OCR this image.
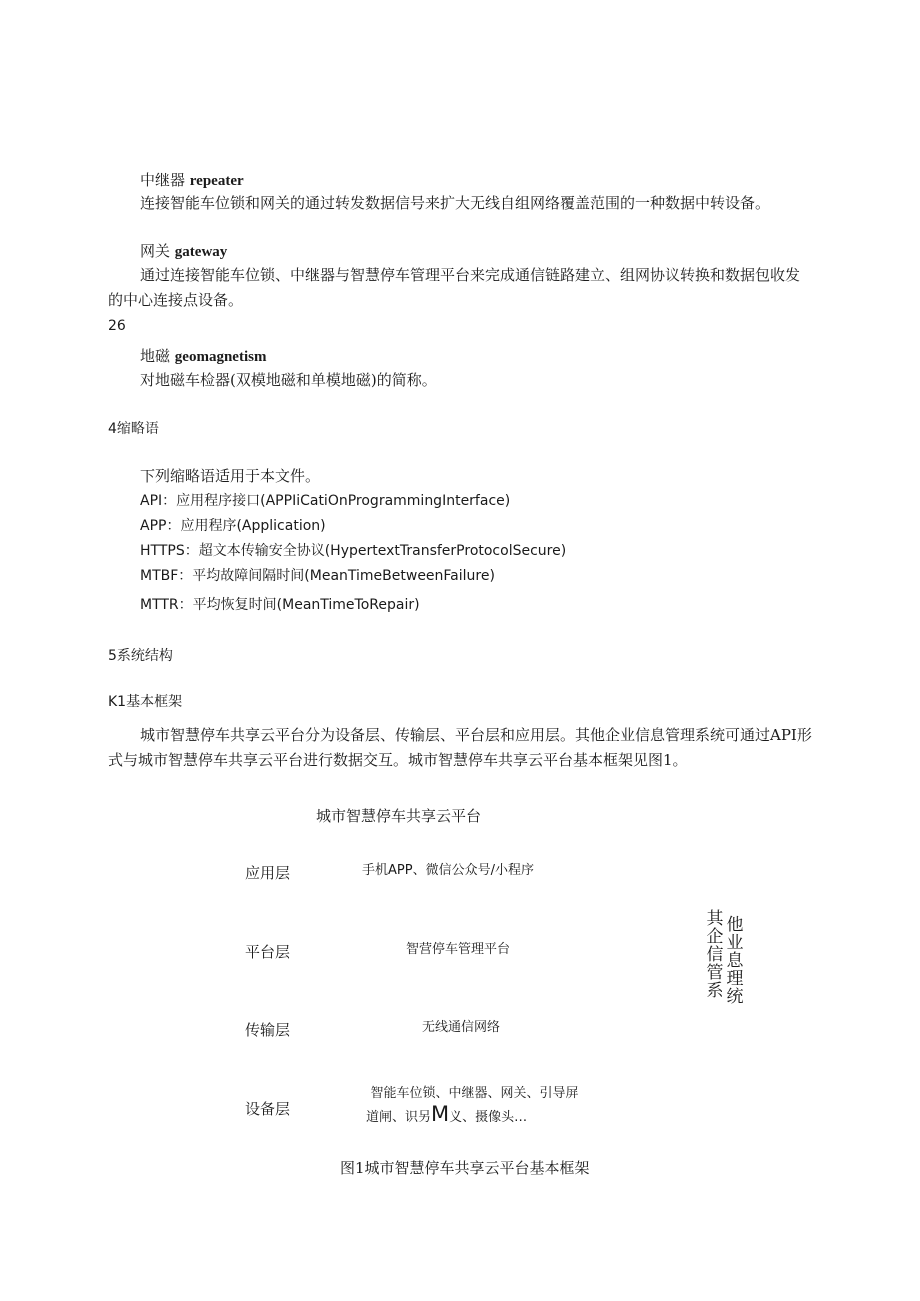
中继器 repeater
连接智能车位锁和网关的通过转发数据信号来扩大无线自组网络覆盖范围的一种数据中转设备。
网关 gateway
通过连接智能车位锁、中继器与智慧停车管理平台来完成通信链路建立、组网协议转换和数据包收发
的中心连接点设备。
26
地磁 geomagnetism
对地磁车检器(双模地磁和单模地磁)的简称。
4缩略语
下列缩略语适用于本文件。
API：应用程序接口(APPIiCatiOnProgrammingInterface)
APP：应用程序(Application)
HTTPS：超文本传输安全协议(HypertextTransferProtocolSecure)
MTBF：平均故障间隔时间(MeanTimeBetweenFailure)
MTTR：平均恢复时间(MeanTimeToRepair)
5系统结构
K1基本框架
城市智慧停车共享云平台分为设备层、传输层、平台层和应用层。其他企业信息管理系统可通过API形
式与城市智慧停车共享云平台进行数据交互。城市智慧停车共享云平台基本框架见图1。
城市智慧停车共享云平台
应用层	手机APP、微信公众号/小程序
平台层	智营停车管理平台
传输层	无线通信网络
设备层
智能车位锁、中继器、网关、引导屏
道闸、识另M义、摄像头…
其
企
信
管
系
他
业
息
理
统
图1城市智慧停车共享云平台基本框架
